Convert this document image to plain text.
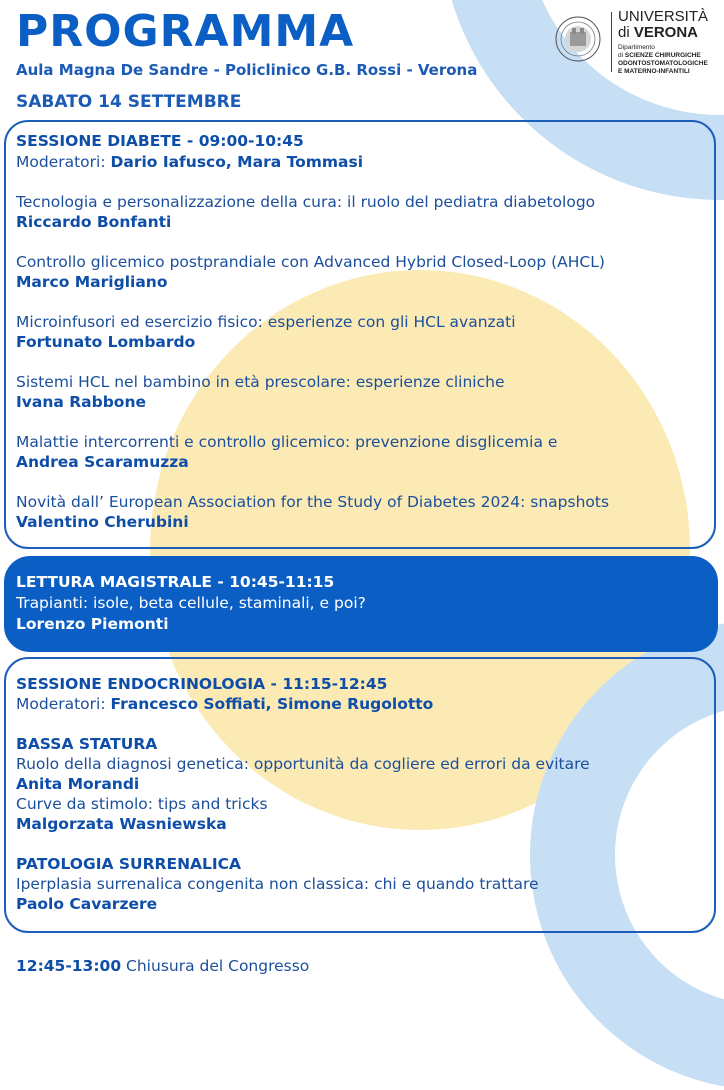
PROGRAMMA
Aula Magna De Sandre - Policlinico G.B. Rossi - Verona
SABATO 14 SETTEMBRE
UNIVERSITÀ
di VERONA
Dipartimento
di SCIENZE CHIRURGICHE
ODONTOSTOMATOLOGICHE
E MATERNO-INFANTILI
SESSIONE DIABETE - 09:00-10:45
Moderatori: Dario Iafusco, Mara Tommasi
Tecnologia e personalizzazione della cura: il ruolo del pediatra diabetologo
Riccardo Bonfanti
Controllo glicemico postprandiale con Advanced Hybrid Closed-Loop (AHCL)
Marco Marigliano
Microinfusori ed esercizio fisico: esperienze con gli HCL avanzati
Fortunato Lombardo
Sistemi HCL nel bambino in età prescolare: esperienze cliniche
Ivana Rabbone
Malattie intercorrenti e controllo glicemico: prevenzione disglicemia e
Andrea Scaramuzza
Novità dall’ European Association for the Study of Diabetes 2024: snapshots
Valentino Cherubini
LETTURA MAGISTRALE - 10:45-11:15
Trapianti: isole, beta cellule, staminali, e poi?
Lorenzo Piemonti
SESSIONE ENDOCRINOLOGIA - 11:15-12:45
Moderatori: Francesco Soffiati, Simone Rugolotto
BASSA STATURA
Ruolo della diagnosi genetica: opportunità da cogliere ed errori da evitare
Anita Morandi
Curve da stimolo: tips and tricks
Malgorzata Wasniewska
PATOLOGIA SURRENALICA
Iperplasia surrenalica congenita non classica: chi e quando trattare
Paolo Cavarzere
12:45-13:00 Chiusura del Congresso
